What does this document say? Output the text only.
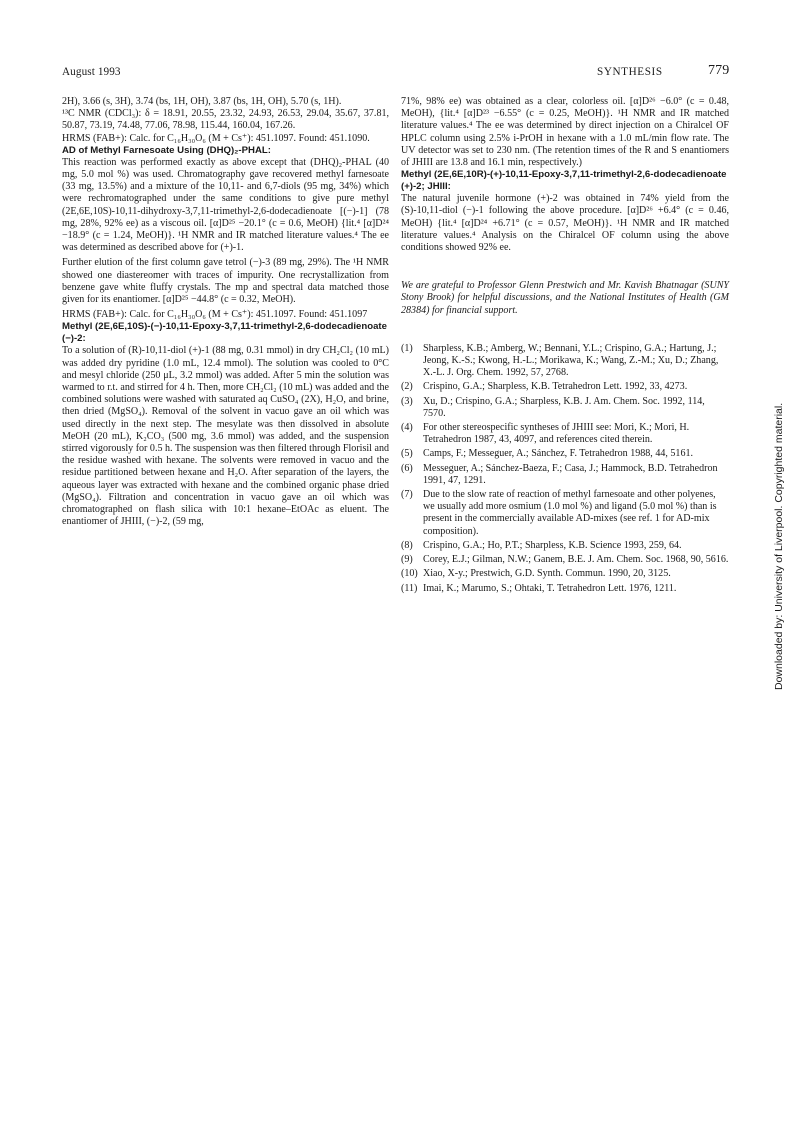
August 1993	SYNTHESIS	779

2H), 3.66 (s, 3H), 3.74 (bs, 1H, OH), 3.87 (bs, 1H, OH), 5.70 (s, 1H).

¹³C NMR (CDCl₃): δ = 18.91, 20.55, 23.32, 24.93, 26.53, 29.04, 35.67, 37.81, 50.87, 73.19, 74.48, 77.06, 78.98, 115.44, 160.04, 167.26.

HRMS (FAB+): Calc. for C₁₆H₃₀O₆ (M + Cs⁺): 451.1097. Found: 451.1090.

AD of Methyl Farnesoate Using (DHQ)₂-PHAL:

This reaction was performed exactly as above except that (DHQ)₂-PHAL (40 mg, 5.0 mol %) was used. Chromatography gave recovered methyl farnesoate (33 mg, 13.5%) and a mixture of the 10,11- and 6,7-diols (95 mg, 34%) which were rechromatographed under the same conditions to give pure methyl (2E,6E,10S)-10,11-dihydroxy-3,7,11-trimethyl-2,6-dodecadienoate [(−)-1] (78 mg, 28%, 92% ee) as a viscous oil. [α]D²⁵ −20.1° (c = 0.6, MeOH) {lit.⁴ [α]D²⁴ −18.9° (c = 1.24, MeOH)}. ¹H NMR and IR matched literature values.⁴ The ee was determined as described above for (+)-1.

Further elution of the first column gave tetrol (−)-3 (89 mg, 29%). The ¹H NMR showed one diastereomer with traces of impurity. One recrystallization from benzene gave white fluffy crystals. The mp and spectral data matched those given for its enantiomer. [α]D²⁵ −44.8° (c = 0.32, MeOH).

HRMS (FAB+): Calc. for C₁₆H₃₀O₆ (M + Cs⁺): 451.1097. Found: 451.1097

Methyl (2E,6E,10S)-(−)-10,11-Epoxy-3,7,11-trimethyl-2,6-dodecadienoate (−)-2:

To a solution of (R)-10,11-diol (+)-1 (88 mg, 0.31 mmol) in dry CH₂Cl₂ (10 mL) was added dry pyridine (1.0 mL, 12.4 mmol). The solution was cooled to 0°C and mesyl chloride (250 μL, 3.2 mmol) was added. After 5 min the solution was warmed to r.t. and stirred for 4 h. Then, more CH₂Cl₂ (10 mL) was added and the combined solutions were washed with saturated aq CuSO₄ (2X), H₂O, and brine, then dried (MgSO₄). Removal of the solvent in vacuo gave an oil which was used directly in the next step. The mesylate was then dissolved in absolute MeOH (20 mL), K₂CO₃ (500 mg, 3.6 mmol) was added, and the suspension stirred vigorously for 0.5 h. The suspension was then filtered through Florisil and the residue washed with hexane. The solvents were removed in vacuo and the residue partitioned between hexane and H₂O. After separation of the layers, the aqueous layer was extracted with hexane and the combined organic phase dried (MgSO₄). Filtration and concentration in vacuo gave an oil which was chromatographed on flash silica with 10:1 hexane–EtOAc as eluent. The enantiomer of JHIII, (−)-2, (59 mg,

71%, 98% ee) was obtained as a clear, colorless oil. [α]D²⁶ −6.0° (c = 0.48, MeOH), {lit.⁴ [α]D²³ −6.55° (c = 0.25, MeOH)}. ¹H NMR and IR matched literature values.⁴ The ee was determined by direct injection on a Chiralcel OF HPLC column using 2.5% i-PrOH in hexane with a 1.0 mL/min flow rate. The UV detector was set to 230 nm. (The retention times of the R and S enantiomers of JHIII are 13.8 and 16.1 min, respectively.)

Methyl (2E,6E,10R)-(+)-10,11-Epoxy-3,7,11-trimethyl-2,6-dodecadienoate (+)-2; JHIII:

The natural juvenile hormone (+)-2 was obtained in 74% yield from the (S)-10,11-diol (−)-1 following the above procedure. [α]D²⁶ +6.4° (c = 0.46, MeOH) {lit.⁴ [α]D²⁴ +6.71° (c = 0.57, MeOH)}. ¹H NMR and IR matched literature values.⁴ Analysis on the Chiralcel OF column using the above conditions showed 92% ee.

We are grateful to Professor Glenn Prestwich and Mr. Kavish Bhatnagar (SUNY Stony Brook) for helpful discussions, and the National Institutes of Health (GM 28384) for financial support.

(1)	Sharpless, K.B.; Amberg, W.; Bennani, Y.L.; Crispino, G.A.; Hartung, J.; Jeong, K.-S.; Kwong, H.-L.; Morikawa, K.; Wang, Z.-M.; Xu, D.; Zhang, X.-L. J. Org. Chem. 1992, 57, 2768.
(2)	Crispino, G.A.; Sharpless, K.B. Tetrahedron Lett. 1992, 33, 4273.
(3)	Xu, D.; Crispino, G.A.; Sharpless, K.B. J. Am. Chem. Soc. 1992, 114, 7570.
(4)	For other stereospecific syntheses of JHIII see: Mori, K.; Mori, H. Tetrahedron 1987, 43, 4097, and references cited therein.
(5)	Camps, F.; Messeguer, A.; Sánchez, F. Tetrahedron 1988, 44, 5161.
(6)	Messeguer, A.; Sánchez-Baeza, F.; Casa, J.; Hammock, B.D. Tetrahedron 1991, 47, 1291.
(7)	Due to the slow rate of reaction of methyl farnesoate and other polyenes, we usually add more osmium (1.0 mol %) and ligand (5.0 mol %) than is present in the commercially available AD-mixes (see ref. 1 for AD-mix composition).
(8)	Crispino, G.A.; Ho, P.T.; Sharpless, K.B. Science 1993, 259, 64.
(9)	Corey, E.J.; Gilman, N.W.; Ganem, B.E. J. Am. Chem. Soc. 1968, 90, 5616.
(10) Xiao, X-y.; Prestwich, G.D. Synth. Commun. 1990, 20, 3125.
(11) Imai, K.; Marumo, S.; Ohtaki, T. Tetrahedron Lett. 1976, 1211.	Downloaded by: University of Liverpool. Copyrighted material.
